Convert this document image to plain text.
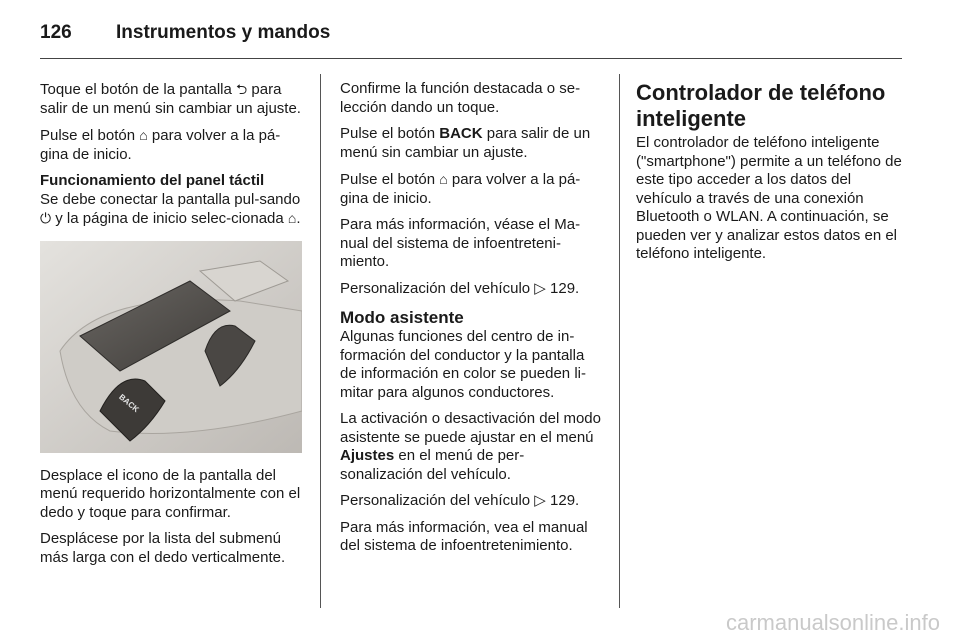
126 Instrumentos y mandos

Toque el botón de la pantalla ⮌ para salir de un menú sin cambiar un ajuste.

Pulse el botón ⌂ para volver a la pá-gina de inicio.

Funcionamiento del panel táctil

Se debe conectar la pantalla pul-sando ⏻ y la página de inicio selec-cionada ⌂.

BACK

Desplace el icono de la pantalla del menú requerido horizontalmente con el dedo y toque para confirmar.

Desplácese por la lista del submenú más larga con el dedo verticalmente.

Confirme la función destacada o se-lección dando un toque.

Pulse el botón BACK para salir de un menú sin cambiar un ajuste.

Pulse el botón ⌂ para volver a la pá-gina de inicio.

Para más información, véase el Ma-nual del sistema de infoentreteni-miento.

Personalización del vehículo ▷ 129.

Modo asistente

Algunas funciones del centro de in-formación del conductor y la pantalla de información en color se pueden li-mitar para algunos conductores.

La activación o desactivación del modo asistente se puede ajustar en el menú Ajustes en el menú de per-sonalización del vehículo.

Personalización del vehículo ▷ 129.

Para más información, vea el manual del sistema de infoentretenimiento.

Controlador de teléfono inteligente

El controlador de teléfono inteligente ("smartphone") permite a un teléfono de este tipo acceder a los datos del vehículo a través de una conexión Bluetooth o WLAN. A continuación, se pueden ver y analizar estos datos en el teléfono inteligente.

carmanualsonline.info
